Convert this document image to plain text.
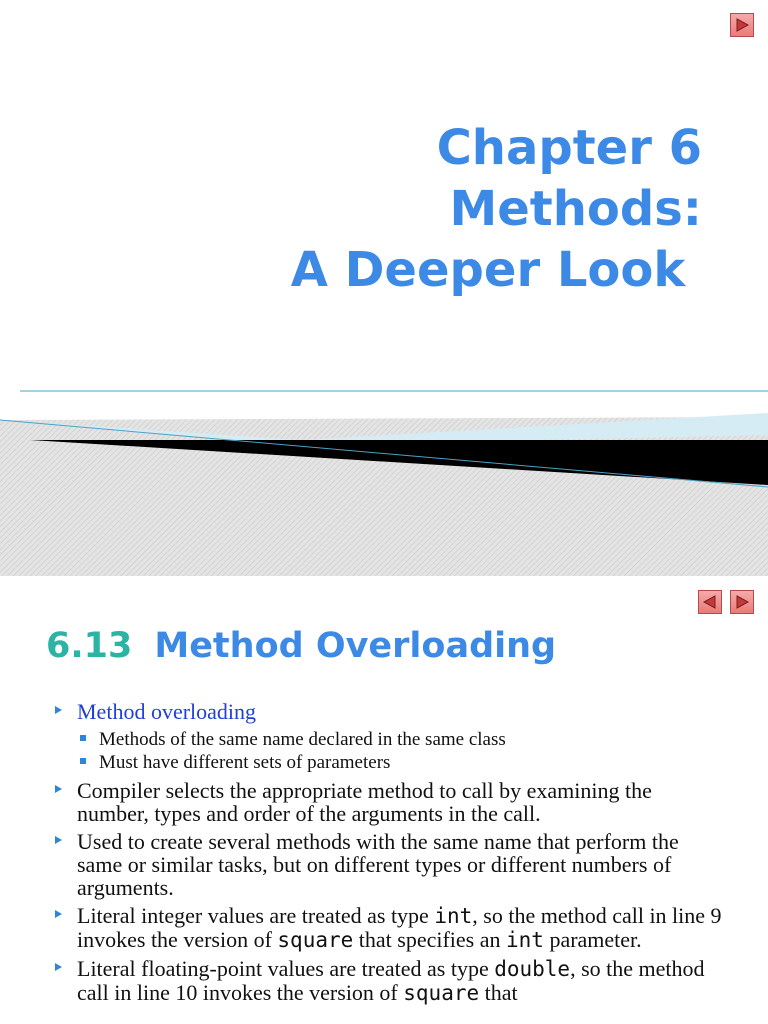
Chapter 6
Methods:
A Deeper Look
6.13 Method Overloading
Method overloading
Methods of the same name declared in the same class
Must have different sets of parameters
Compiler selects the appropriate method to call by examining the number, types and order of the arguments in the call.
Used to create several methods with the same name that perform the same or similar tasks, but on different types or different numbers of arguments.
Literal integer values are treated as type int, so the method call in line 9 invokes the version of square that specifies an int parameter.
Literal floating-point values are treated as type double, so the method call in line 10 invokes the version of square that
